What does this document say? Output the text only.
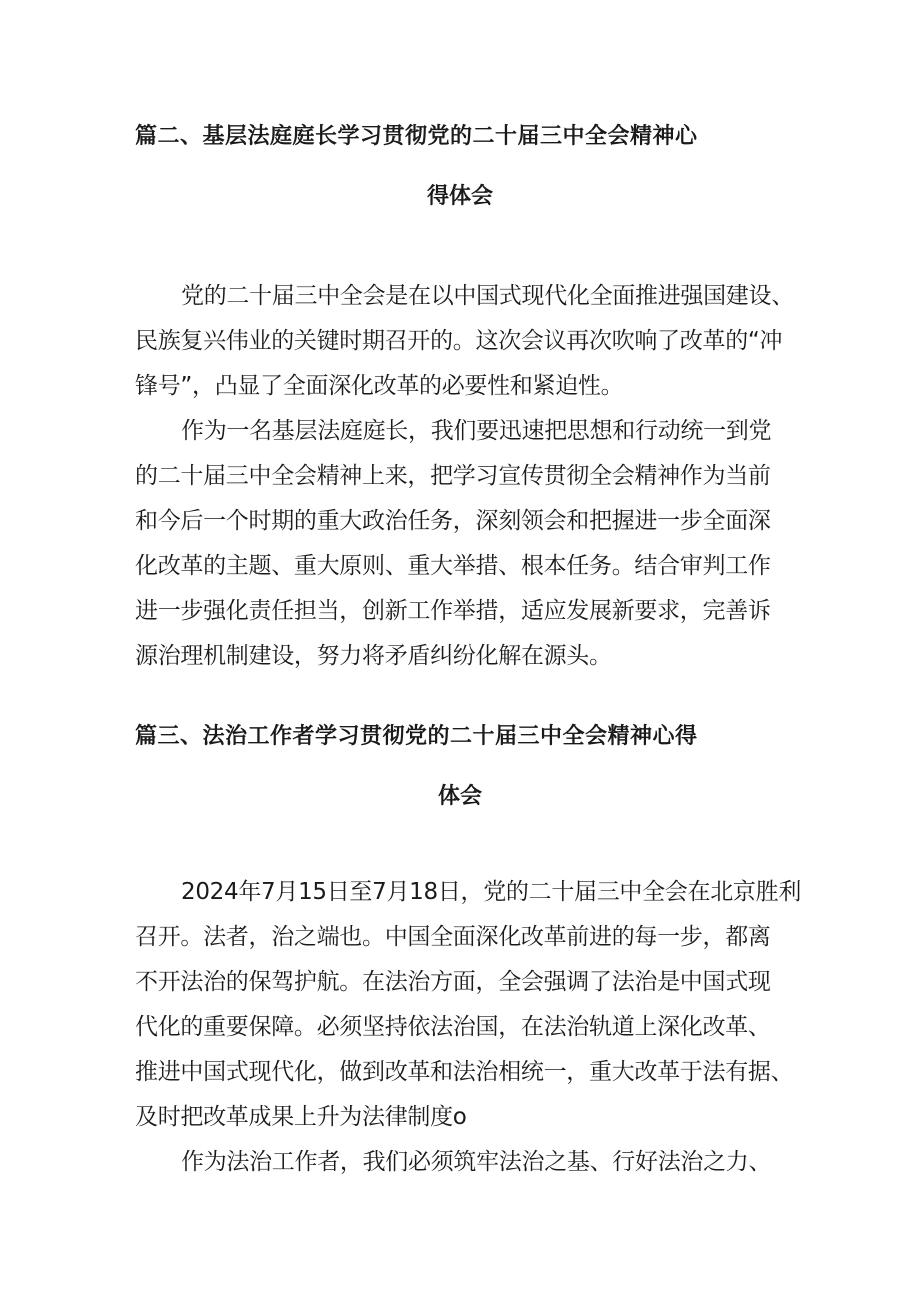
篇二、基层法庭庭长学习贯彻党的二十届三中全会精神心
得体会
党的二十届三中全会是在以中国式现代化全面推进强国建设、
民族复兴伟业的关键时期召开的。这次会议再次吹响了改革的“冲
锋号”，凸显了全面深化改革的必要性和紧迫性。
作为一名基层法庭庭长，我们要迅速把思想和行动统一到党
的二十届三中全会精神上来，把学习宣传贯彻全会精神作为当前
和今后一个时期的重大政治任务，深刻领会和把握进一步全面深
化改革的主题、重大原则、重大举措、根本任务。结合审判工作
进一步强化责任担当，创新工作举措，适应发展新要求，完善诉
源治理机制建设，努力将矛盾纠纷化解在源头。
篇三、法治工作者学习贯彻党的二十届三中全会精神心得
体会
2024年7月15日至7月18日，党的二十届三中全会在北京胜利
召开。法者，治之端也。中国全面深化改革前进的每一步，都离
不开法治的保驾护航。在法治方面，全会强调了法治是中国式现
代化的重要保障。必须坚持依法治国，在法治轨道上深化改革、
推进中国式现代化，做到改革和法治相统一，重大改革于法有据、
及时把改革成果上升为法律制度o
作为法治工作者，我们必须筑牢法治之基、行好法治之力、
